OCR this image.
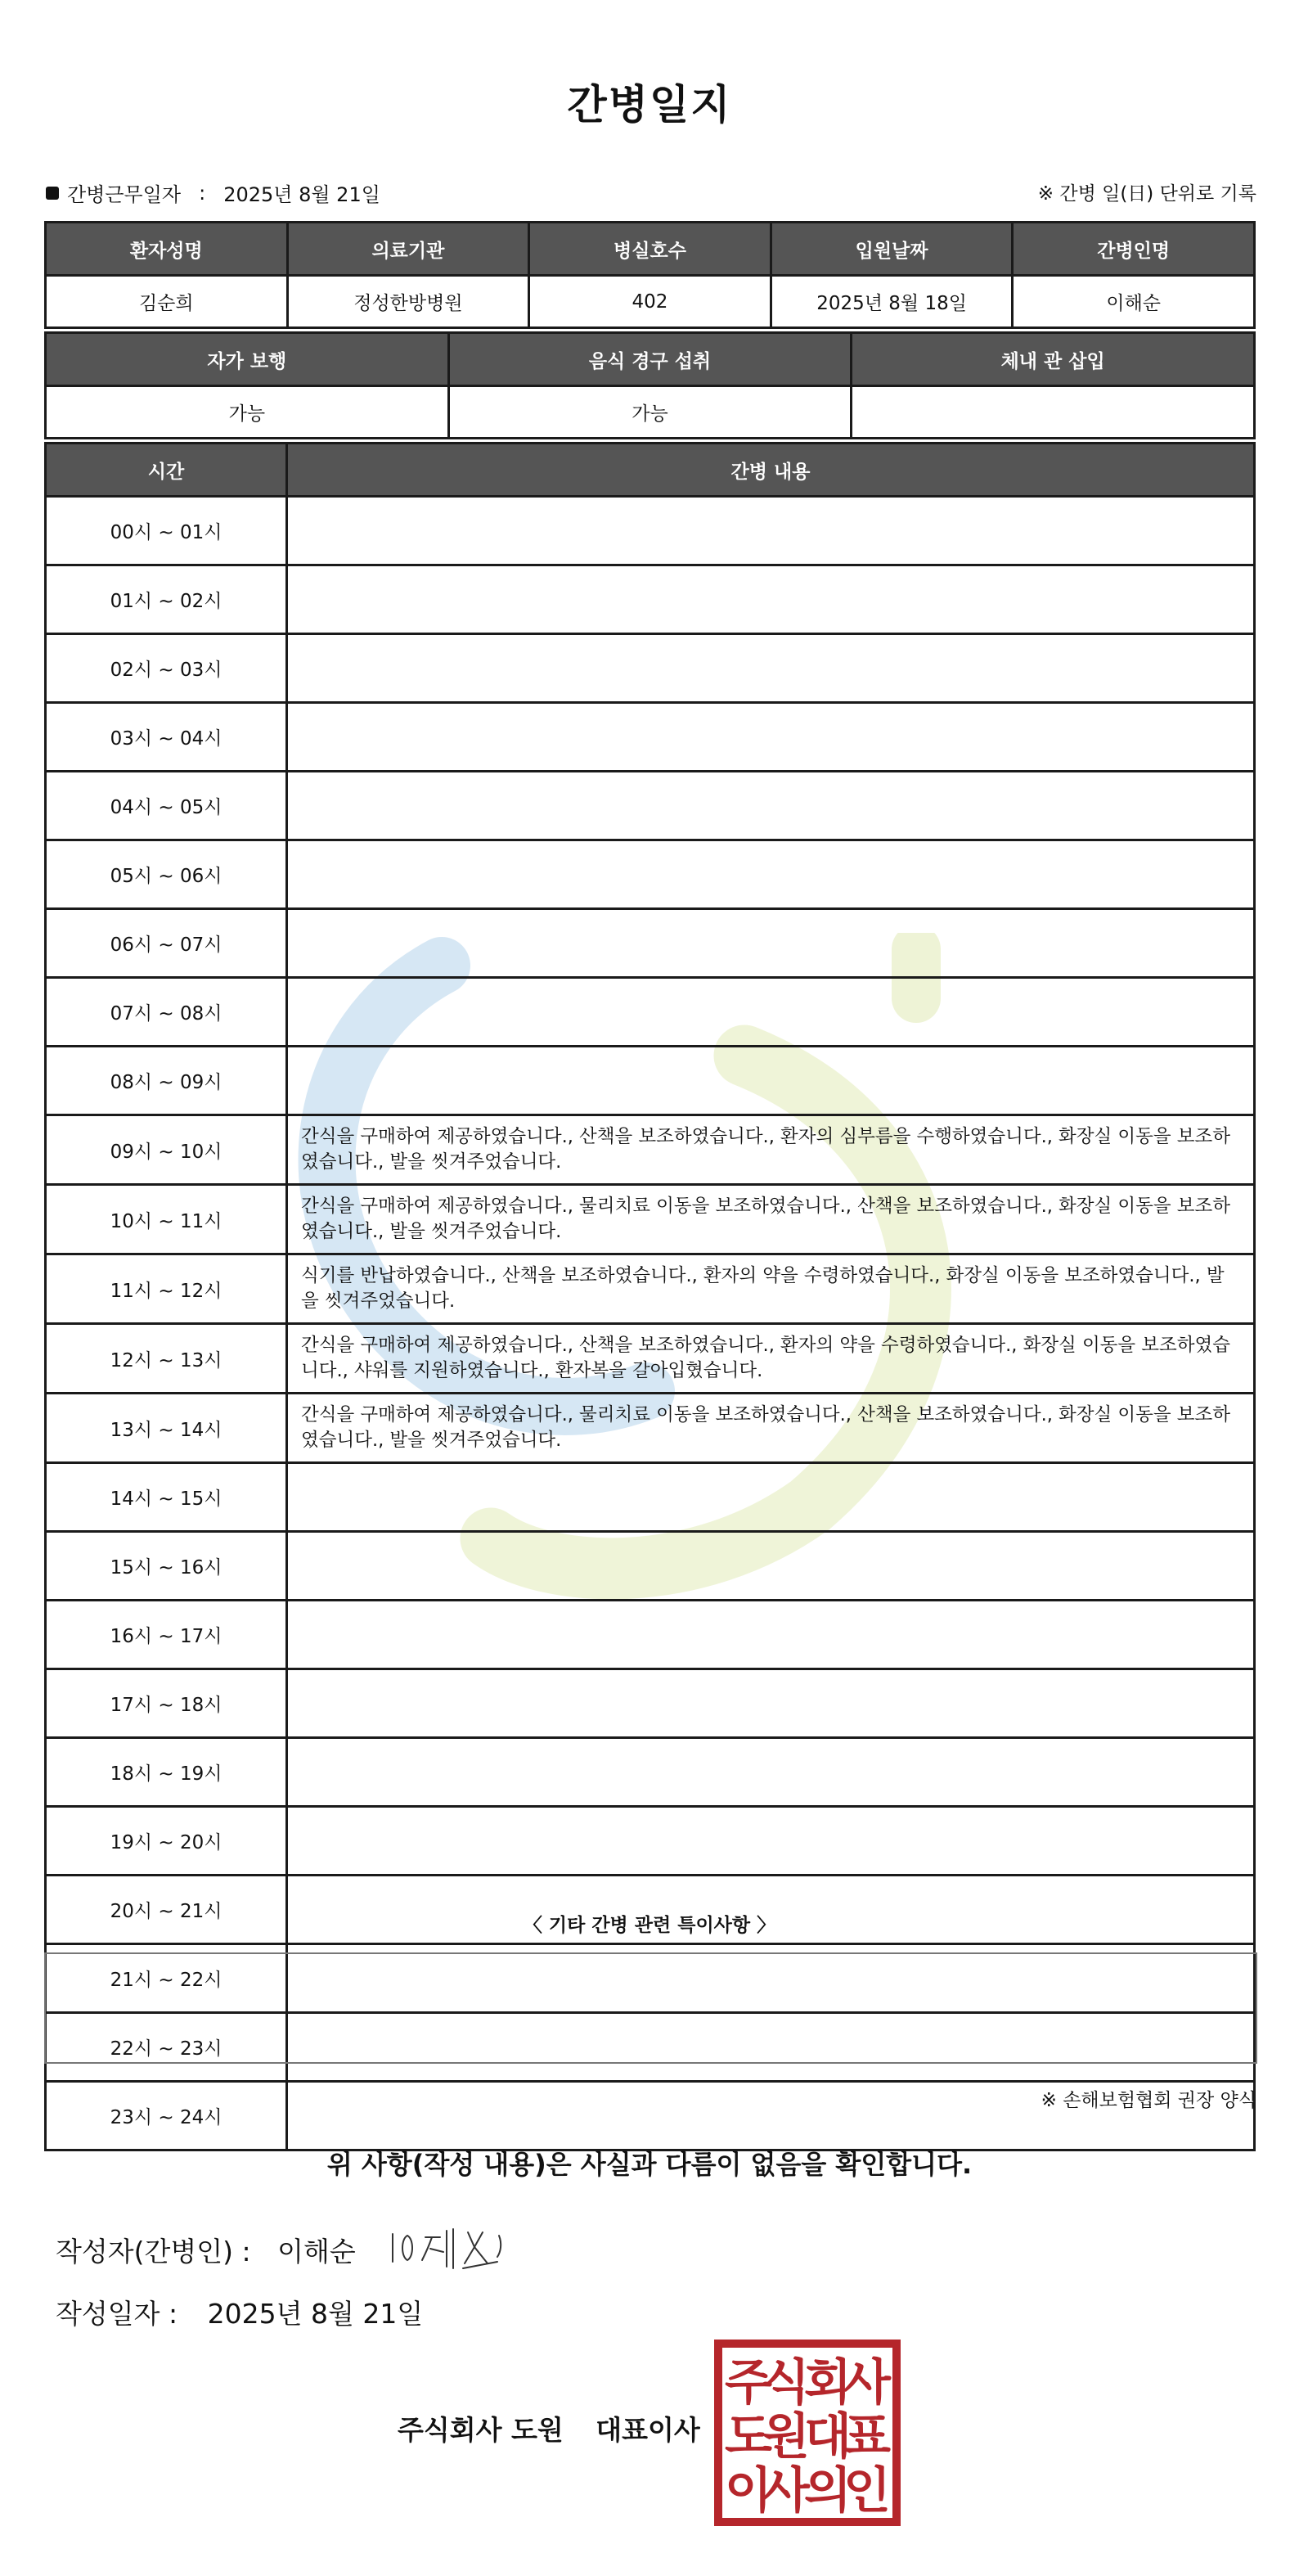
간병일지
간병근무일자 : 2025년 8월 21일	※ 간병 일(日) 단위로 기록
환자성명	의료기관	병실호수	입원날짜	간병인명
김순희	정성한방병원	402	2025년 8월 18일	이해순
자가 보행	음식 경구 섭취	체내 관 삽입
가능	가능	
시간	간병 내용
00시 ~ 01시	
01시 ~ 02시	
02시 ~ 03시	
03시 ~ 04시	
04시 ~ 05시	
05시 ~ 06시	
06시 ~ 07시	
07시 ~ 08시	
08시 ~ 09시	
09시 ~ 10시	간식을 구매하여 제공하였습니다., 산책을 보조하였습니다., 환자의 심부름을 수행하였습니다., 화장실 이동을 보조하였습니다., 발을 씻겨주었습니다.
10시 ~ 11시	간식을 구매하여 제공하였습니다., 물리치료 이동을 보조하였습니다., 산책을 보조하였습니다., 화장실 이동을 보조하였습니다., 발을 씻겨주었습니다.
11시 ~ 12시	식기를 반납하였습니다., 산책을 보조하였습니다., 환자의 약을 수령하였습니다., 화장실 이동을 보조하였습니다., 발을 씻겨주었습니다.
12시 ~ 13시	간식을 구매하여 제공하였습니다., 산책을 보조하였습니다., 환자의 약을 수령하였습니다., 화장실 이동을 보조하였습니다., 샤워를 지원하였습니다., 환자복을 갈아입혔습니다.
13시 ~ 14시	간식을 구매하여 제공하였습니다., 물리치료 이동을 보조하였습니다., 산책을 보조하였습니다., 화장실 이동을 보조하였습니다., 발을 씻겨주었습니다.
14시 ~ 15시	
15시 ~ 16시	
16시 ~ 17시	
17시 ~ 18시	
18시 ~ 19시	
19시 ~ 20시	
20시 ~ 21시	
21시 ~ 22시	
22시 ~ 23시	
23시 ~ 24시	
〈 기타 간병 관련 특이사항 〉
※ 손해보험협회 권장 양식
위 사항(작성 내용)은 사실과 다름이 없음을 확인합니다.
작성자(간병인) : 이해순
작성일자 : 2025년 8월 21일
주식회사 도원 대표이사
주
식
회
사
도
원
대
표
이
사
의
인
